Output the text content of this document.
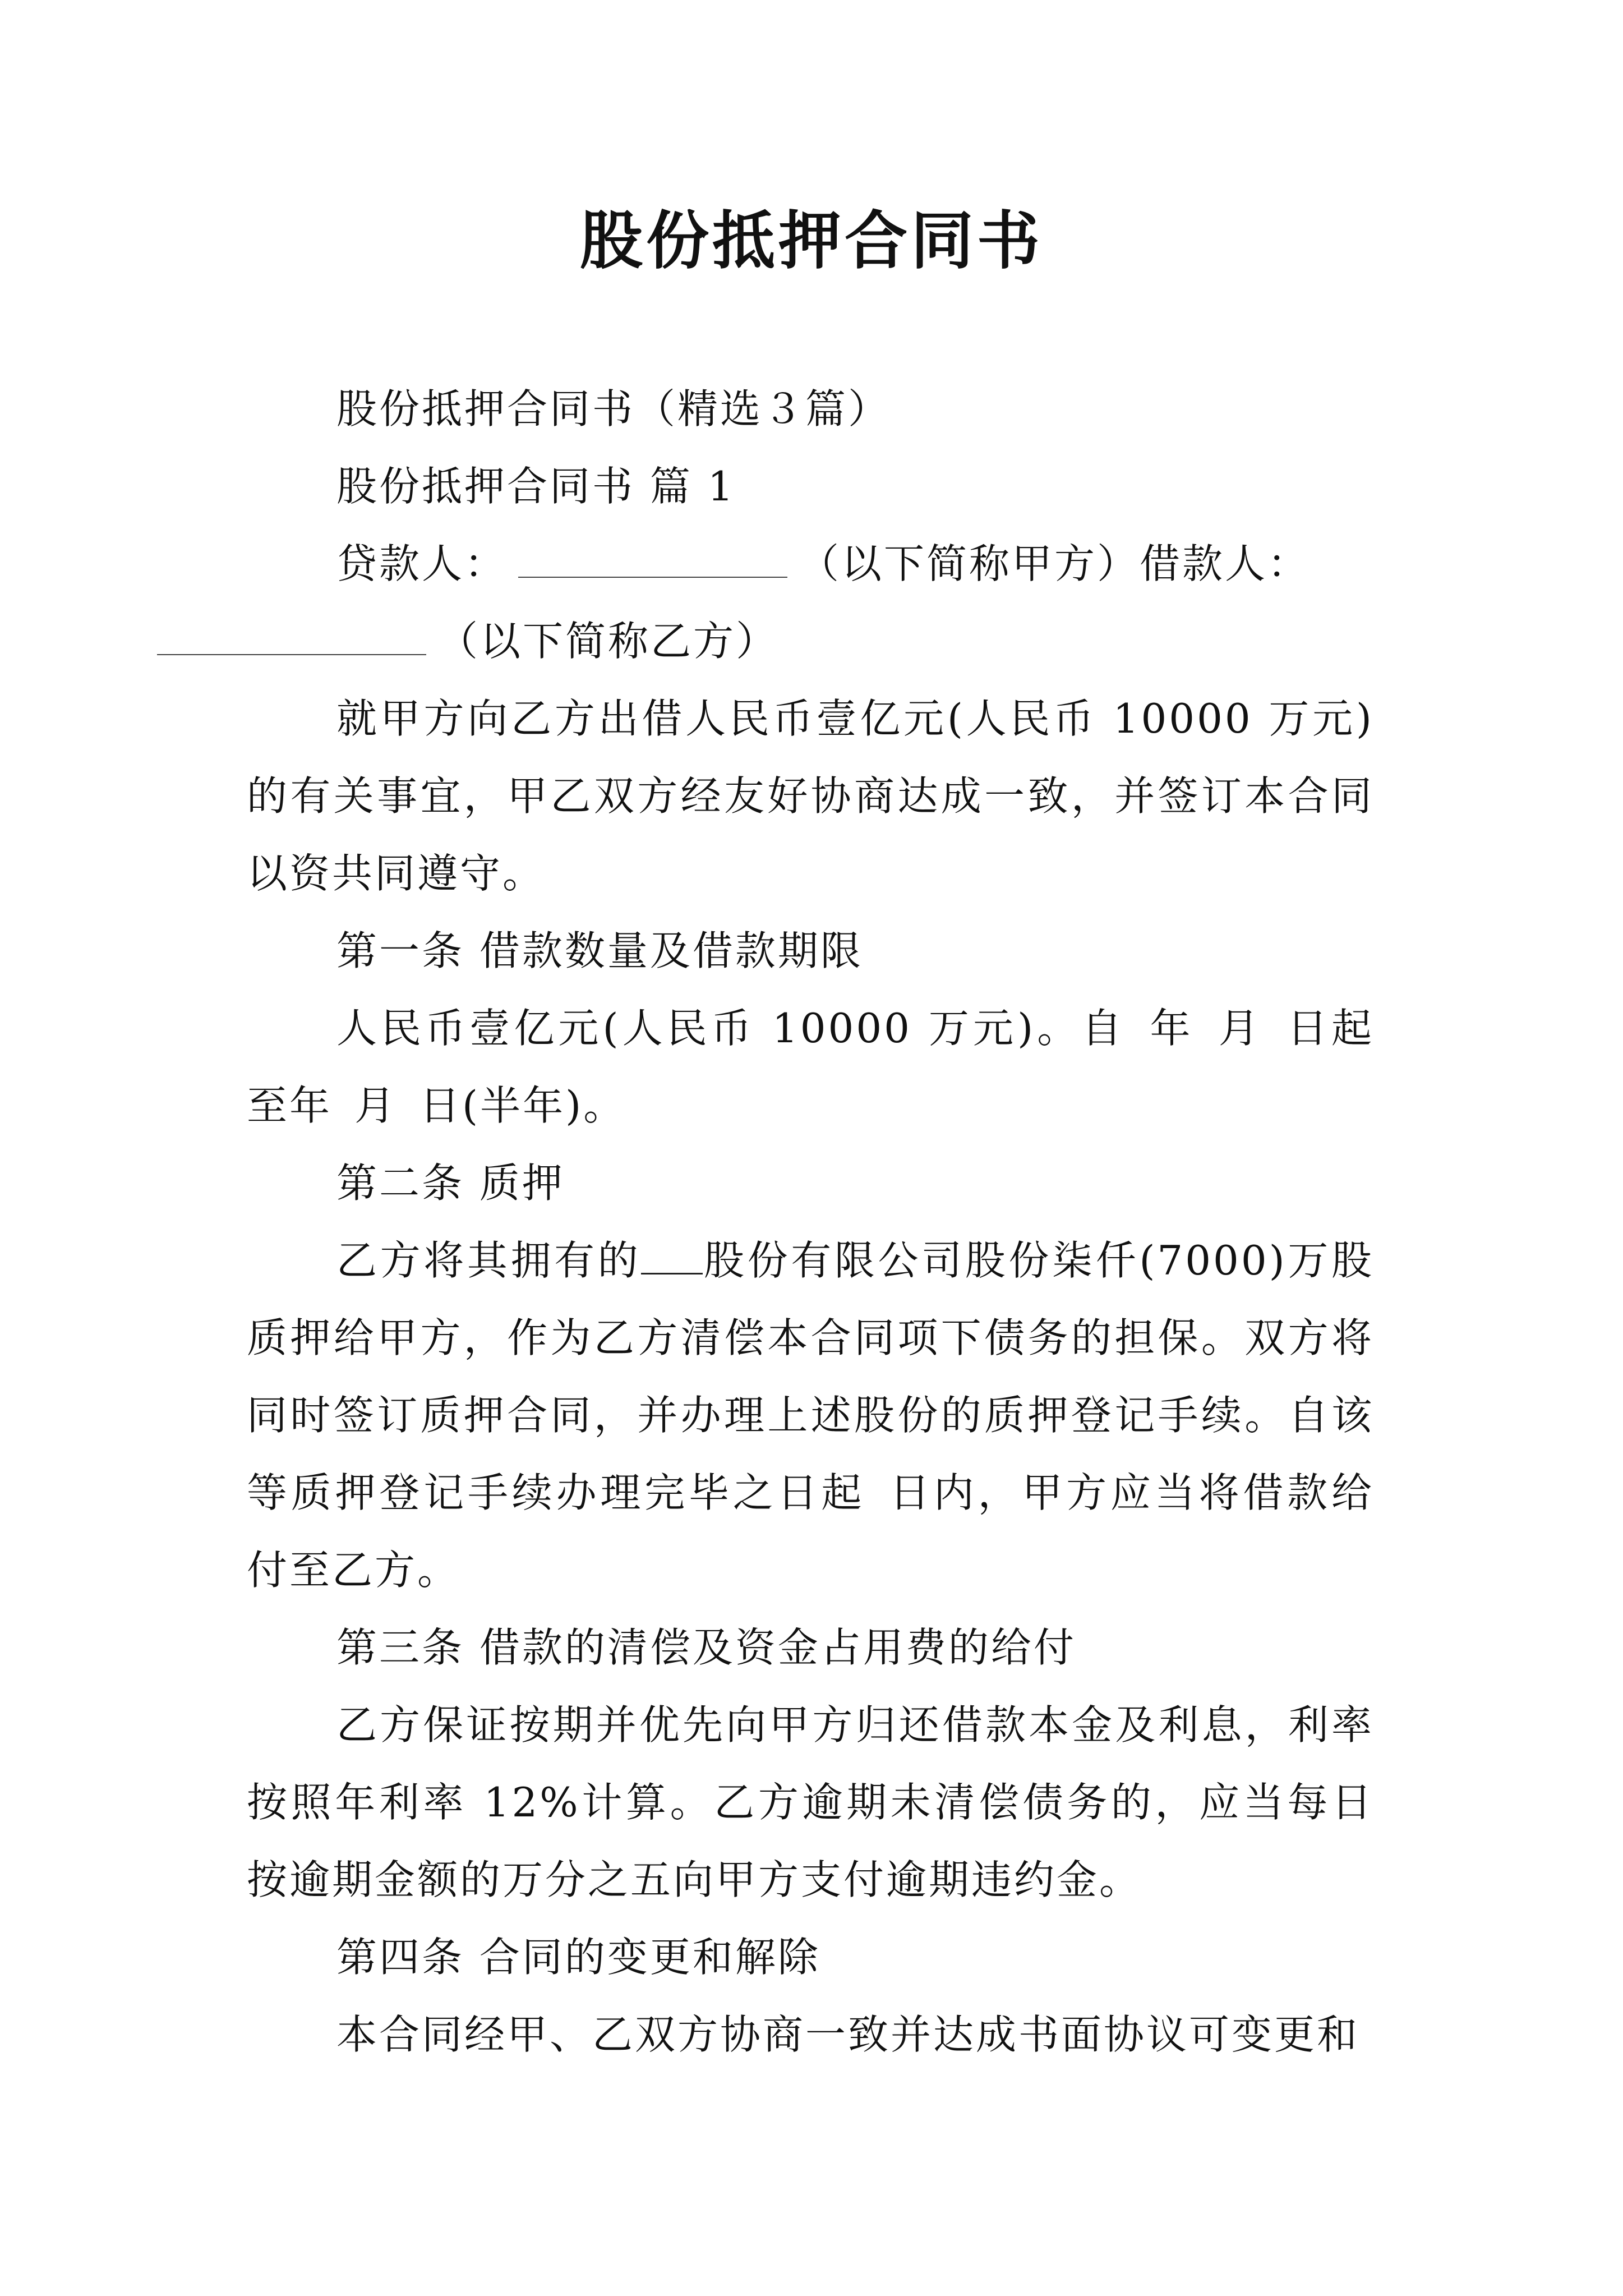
股份抵押合同书

股份抵押合同书（精选３篇）

股份抵押合同书 篇 1

贷款人：	（以下简称甲方）借款人：
（以下简称乙方）

就甲方向乙方出借人民币壹亿元(人民币 10000 万元)的有关事宜，甲乙双方经友好协商达成一致，并签订本合同以资共同遵守。

第一条 借款数量及借款期限

人民币壹亿元(人民币 10000 万元)。自 年 月 日起至年 月 日(半年)。

第二条 质押

乙方将其拥有的 股份有限公司股份柒仟(7000)万股质押给甲方，作为乙方清偿本合同项下债务的担保。双方将同时签订质押合同，并办理上述股份的质押登记手续。自该等质押登记手续办理完毕之日起 日内，甲方应当将借款给付至乙方。

第三条 借款的清偿及资金占用费的给付

乙方保证按期并优先向甲方归还借款本金及利息，利率按照年利率 12%计算。乙方逾期未清偿债务的，应当每日按逾期金额的万分之五向甲方支付逾期违约金。

第四条 合同的变更和解除

本合同经甲、乙双方协商一致并达成书面协议可变更和
